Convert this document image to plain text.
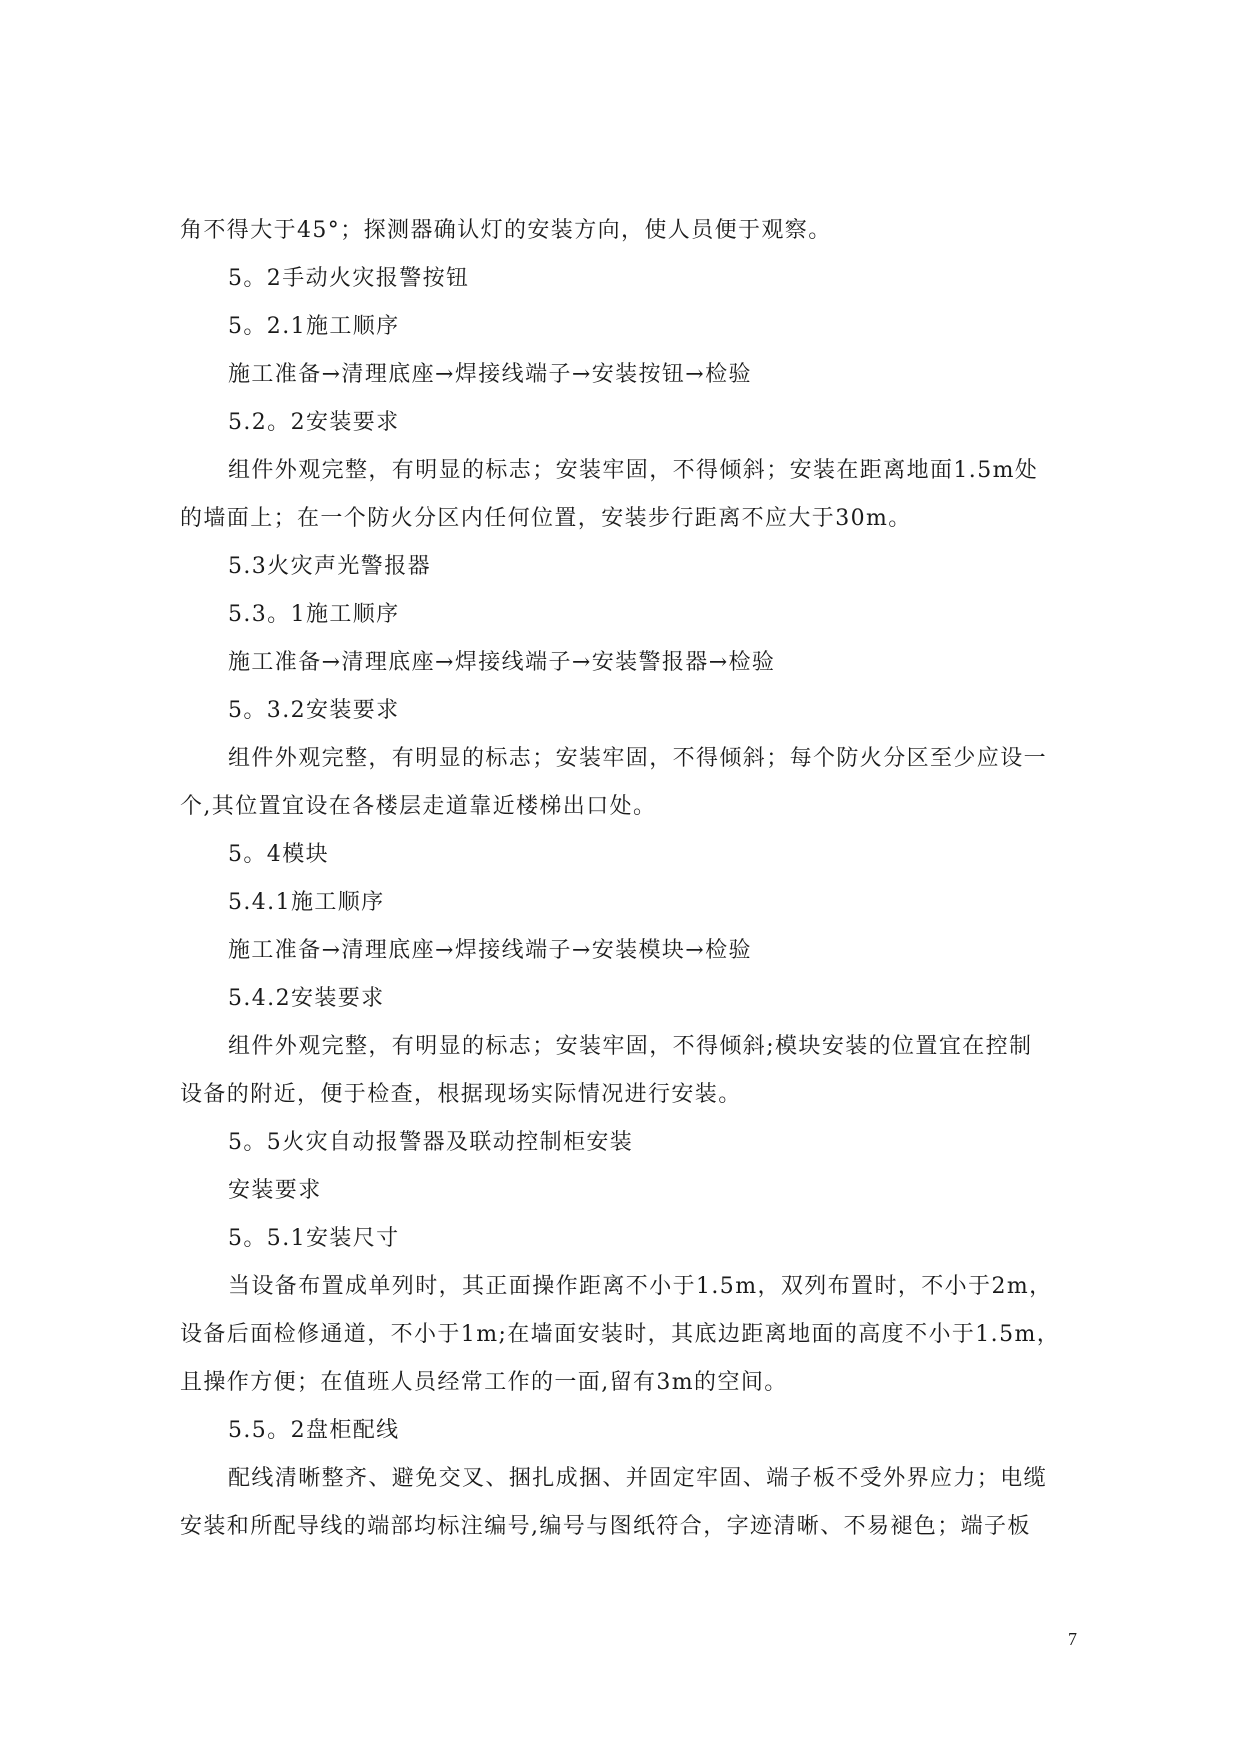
角不得大于45°；探测器确认灯的安装方向，使人员便于观察。
5。2手动火灾报警按钮
5。2.1施工顺序
施工准备→清理底座→焊接线端子→安装按钮→检验
5.2。2安装要求
组件外观完整，有明显的标志；安装牢固，不得倾斜；安装在距离地面1.5m处
的墙面上；在一个防火分区内任何位置，安装步行距离不应大于30m。
5.3火灾声光警报器
5.3。1施工顺序
施工准备→清理底座→焊接线端子→安装警报器→检验
5。3.2安装要求
组件外观完整，有明显的标志；安装牢固，不得倾斜；每个防火分区至少应设一
个,其位置宜设在各楼层走道靠近楼梯出口处。
5。4模块
5.4.1施工顺序
施工准备→清理底座→焊接线端子→安装模块→检验
5.4.2安装要求
组件外观完整，有明显的标志；安装牢固，不得倾斜;模块安装的位置宜在控制
设备的附近，便于检查，根据现场实际情况进行安装。
5。5火灾自动报警器及联动控制柜安装
安装要求
5。5.1安装尺寸
当设备布置成单列时，其正面操作距离不小于1.5m，双列布置时，不小于2m，
设备后面检修通道，不小于1m;在墙面安装时，其底边距离地面的高度不小于1.5m，
且操作方便；在值班人员经常工作的一面,留有3m的空间。
5.5。2盘柜配线
配线清晰整齐、避免交叉、捆扎成捆、并固定牢固、端子板不受外界应力；电缆
安装和所配导线的端部均标注编号,编号与图纸符合，字迹清晰、不易褪色；端子板
7
